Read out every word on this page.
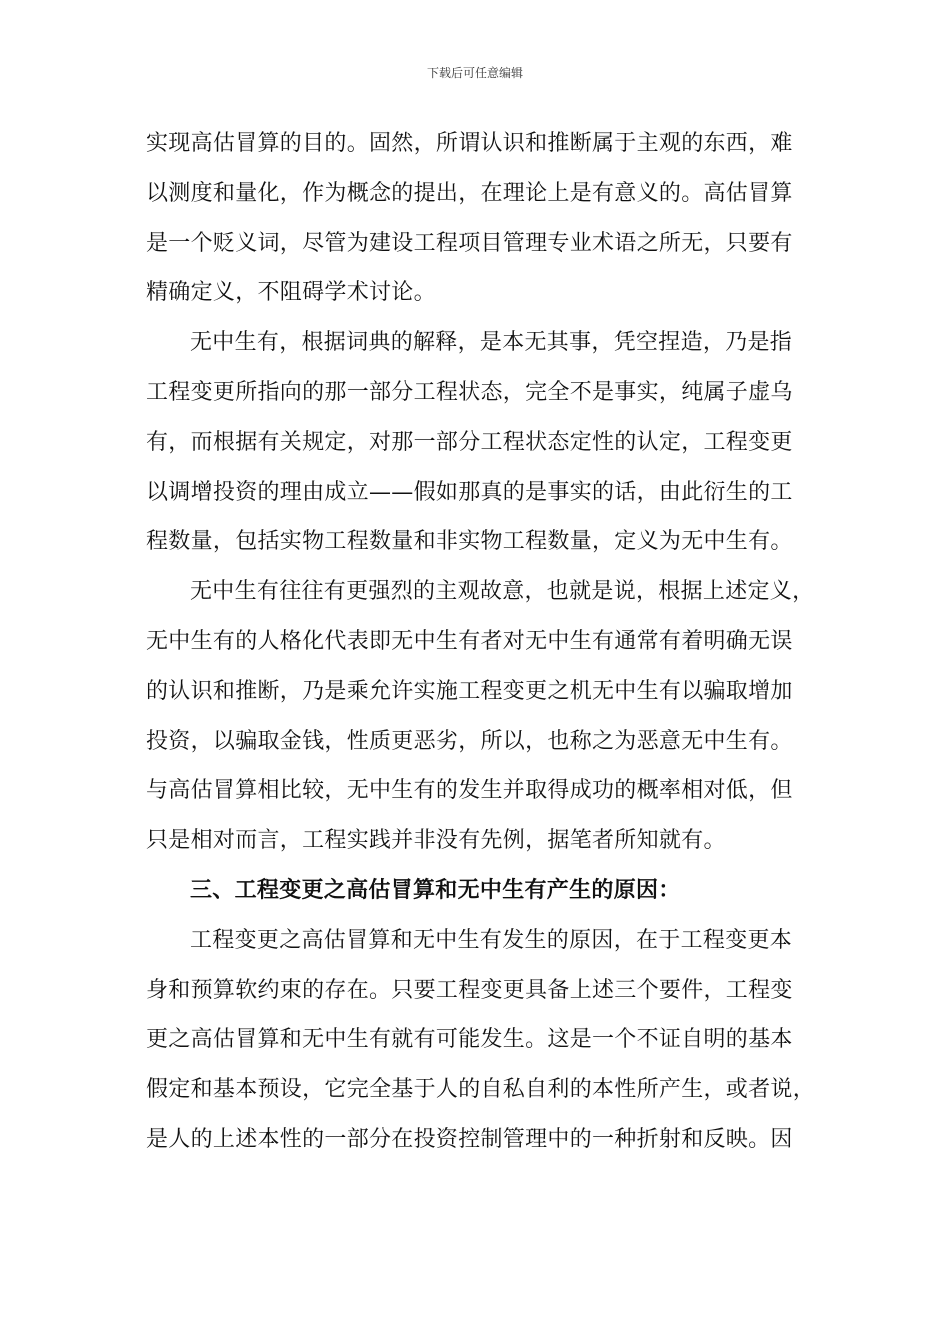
下载后可任意编辑
实现高估冒算的目的。固然，所谓认识和推断属于主观的东西，难
以测度和量化，作为概念的提出，在理论上是有意义的。高估冒算
是一个贬义词，尽管为建设工程项目管理专业术语之所无，只要有
精确定义，不阻碍学术讨论。
无中生有，根据词典的解释，是本无其事，凭空捏造，乃是指
工程变更所指向的那一部分工程状态，完全不是事实，纯属子虚乌
有，而根据有关规定，对那一部分工程状态定性的认定，工程变更
以调增投资的理由成立——假如那真的是事实的话，由此衍生的工
程数量，包括实物工程数量和非实物工程数量，定义为无中生有。
无中生有往往有更强烈的主观故意，也就是说，根据上述定义，
无中生有的人格化代表即无中生有者对无中生有通常有着明确无误
的认识和推断，乃是乘允许实施工程变更之机无中生有以骗取增加
投资，以骗取金钱，性质更恶劣，所以，也称之为恶意无中生有。
与高估冒算相比较，无中生有的发生并取得成功的概率相对低，但
只是相对而言，工程实践并非没有先例，据笔者所知就有。
三、工程变更之高估冒算和无中生有产生的原因：
工程变更之高估冒算和无中生有发生的原因，在于工程变更本
身和预算软约束的存在。只要工程变更具备上述三个要件，工程变
更之高估冒算和无中生有就有可能发生。这是一个不证自明的基本
假定和基本预设，它完全基于人的自私自利的本性所产生，或者说，
是人的上述本性的一部分在投资控制管理中的一种折射和反映。因
